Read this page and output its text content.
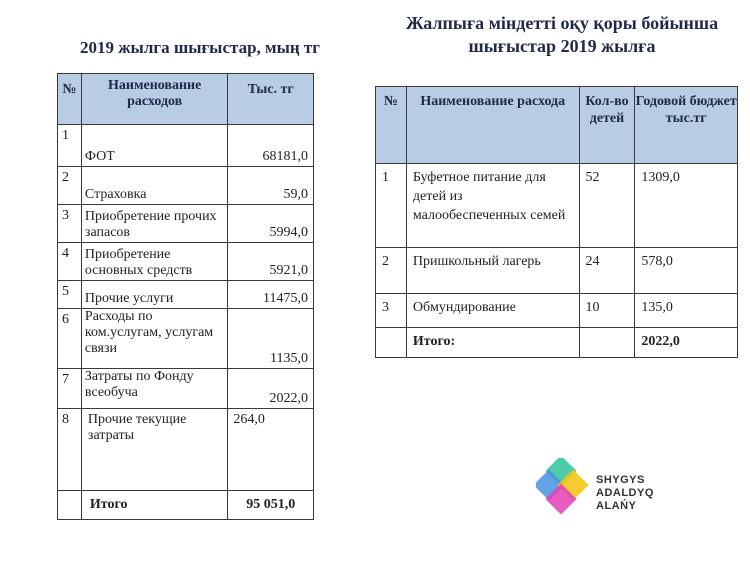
2019 жылга шығыстар, мың тг
Жалпыға міндетті оқу қоры бойынша шығыстар 2019 жылға
№	Наименование расходов	Тыс. тг
1	ФОТ	68181,0

2	Страховка	59,0

3	Приобретение прочих запасов	5994,0

4	Приобретение основных средств	5921,0

5	Прочие услуги	11475,0

6	Расходы по ком.услугам, услугам связи	1135,0

7	Затраты по Фонду всеобуча	2022,0

8	Прочие текущие затраты	264,0
	Итого	95 051,0
№	Наименование расхода	Кол-во детей	Годовой бюджет тыс.тг
1	Буфетное питание для детей из малообеспеченных семей	52	1309,0
2	Пришкольный лагерь	24	578,0
3	Обмундирование	10	135,0
	Итого:		2022,0
SHYGYS
ADALDYQ ALAŃY
